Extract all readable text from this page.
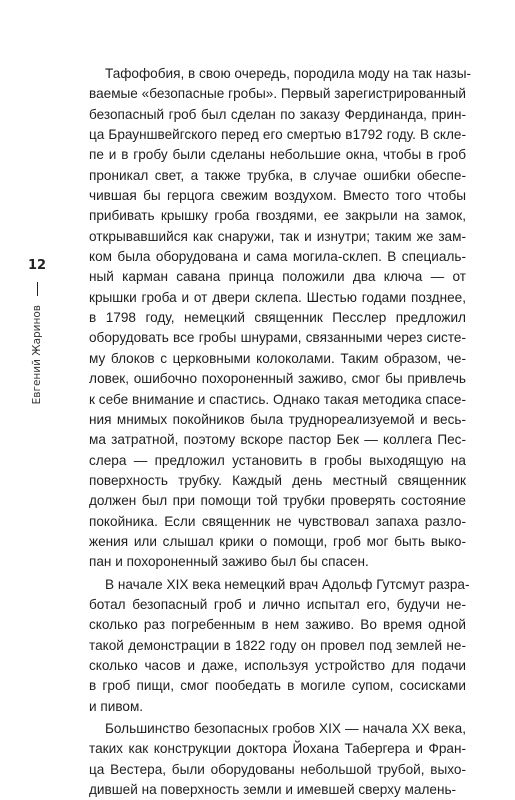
12
Евгений Жаринов
Тафофобия, в свою очередь, породила моду на так назы-
ваемые «безопасные гробы». Первый зарегистрированный
безопасный гроб был сделан по заказу Фердинанда, прин-
ца Брауншвейгского перед его смертью в1792 году. В скле-
пе и в гробу были сделаны небольшие окна, чтобы в гроб
проникал свет, а также трубка, в случае ошибки обеспе-
чившая бы герцога свежим воздухом. Вместо того чтобы
прибивать крышку гроба гвоздями, ее закрыли на замок,
открывавшийся как снаружи, так и изнутри; таким же зам-
ком была оборудована и сама могила-склеп. В специаль-
ный карман савана принца положили два ключа — от
крышки гроба и от двери склепа. Шестью годами позднее,
в 1798 году, немецкий священник Песслер предложил
оборудовать все гробы шнурами, связанными через систе-
му блоков с церковными колоколами. Таким образом, че-
ловек, ошибочно похороненный заживо, смог бы привлечь
к себе внимание и спастись. Однако такая методика спасе-
ния мнимых покойников была труднореализуемой и весь-
ма затратной, поэтому вскоре пастор Бек — коллега Пес-
слера — предложил установить в гробы выходящую на
поверхность трубку. Каждый день местный священник
должен был при помощи той трубки проверять состояние
покойника. Если священник не чувствовал запаха разло-
жения или слышал крики о помощи, гроб мог быть выко-
пан и похороненный заживо был бы спасен.
В начале XIX века немецкий врач Адольф Гутсмут разра-
ботал безопасный гроб и лично испытал его, будучи не-
сколько раз погребенным в нем заживо. Во время одной
такой демонстрации в 1822 году он провел под землей не-
сколько часов и даже, используя устройство для подачи
в гроб пищи, смог пообедать в могиле супом, сосисками
и пивом.
Большинство безопасных гробов XIX — начала XX века,
таких как конструкции доктора Йохана Табергера и Фран-
ца Вестера, были оборудованы небольшой трубой, выхо-
дившей на поверхность земли и имевшей сверху малень-
